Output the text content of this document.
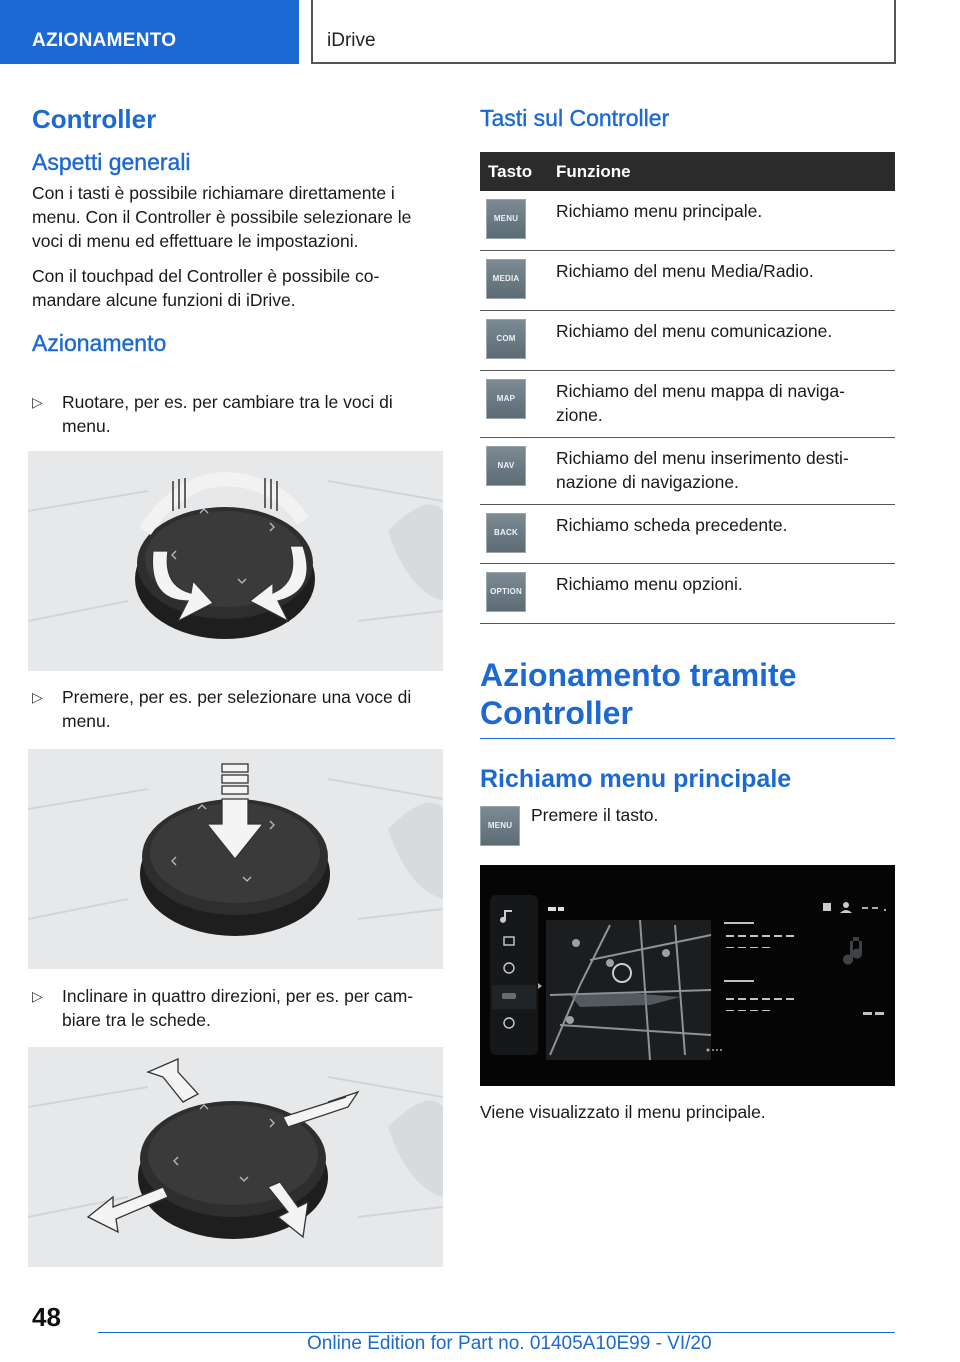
AZIONAMENTO	iDrive
Controller
Aspetti generali

Con i tasti è possibile richiamare direttamente i menu. Con il Controller è possibile selezionare le voci di menu ed effettuare le impostazioni.

Con il touchpad del Controller è possibile co- mandare alcune funzioni di iDrive.

Azionamento
▷ Ruotare, per es. per cambiare tra le voci di menu.
▷ Premere, per es. per selezionare una voce di menu.
▷ Inclinare in quattro direzioni, per es. per cam- biare tra le schede.
Tasti sul Controller
Tasto	Funzione
MENU	Richiamo menu principale.
MEDIA	Richiamo del menu Media/Radio.
COM	Richiamo del menu comunicazione.
MAP	Richiamo del menu mappa di naviga- zione.
NAV	Richiamo del menu inserimento desti- nazione di navigazione.
BACK	Richiamo scheda precedente.
OPTION	Richiamo menu opzioni.
Azionamento tramite Controller
Richiamo menu principale
MENU
Premere il tasto.
Viene visualizzato il menu principale.
48
Online Edition for Part no. 01405A10E99 - VI/20
